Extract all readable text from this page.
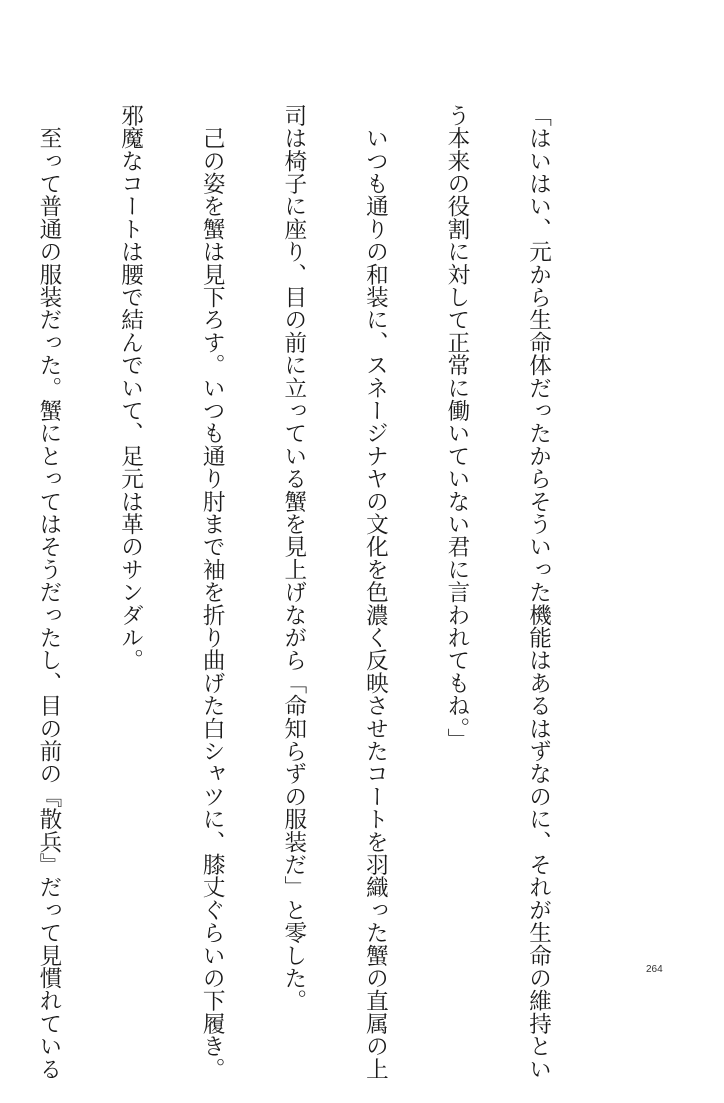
「はいはい、元から生命体だったからそういった機能はあるはずなのに、それが生命の維持とい

う本来の役割に対して正常に働いていない君に言われてもね。」

　いつも通りの和装に、スネージナヤの文化を色濃く反映させたコートを羽織った蟹の直属の上

司は椅子に座り、目の前に立っている蟹を見上げながら「命知らずの服装だ」と零した。

　己の姿を蟹は見下ろす。いつも通り肘まで袖を折り曲げた白シャツに、膝丈ぐらいの下履き。

邪魔なコートは腰で結んでいて、足元は革のサンダル。

　至って普通の服装だった。蟹にとってはそうだったし、目の前の『散兵』だって見慣れている

	264
